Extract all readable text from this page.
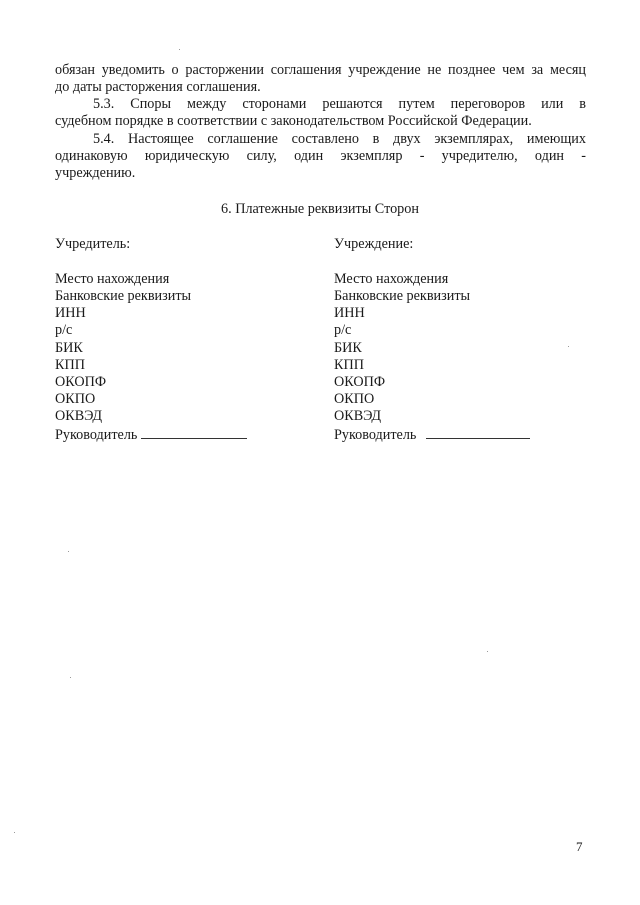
обязан уведомить о расторжении соглашения учреждение не позднее чем за месяц
до даты расторжения соглашения.
5.3. Споры между сторонами решаются путем переговоров или в
судебном порядке в соответствии с законодательством Российской Федерации.
5.4. Настоящее соглашение составлено в двух экземплярах, имеющих
одинаковую юридическую силу, один экземпляр - учредителю, один -
учреждению.
6. Платежные реквизиты Сторон
Учредитель:
Место нахождения
Банковские реквизиты
ИНН
р/с
БИК
КПП
ОКОПФ
ОКПО
ОКВЭД
Руководитель
Учреждение:
Место нахождения
Банковские реквизиты
ИНН
р/с
БИК
КПП
ОКОПФ
ОКПО
ОКВЭД
Руководитель
7
